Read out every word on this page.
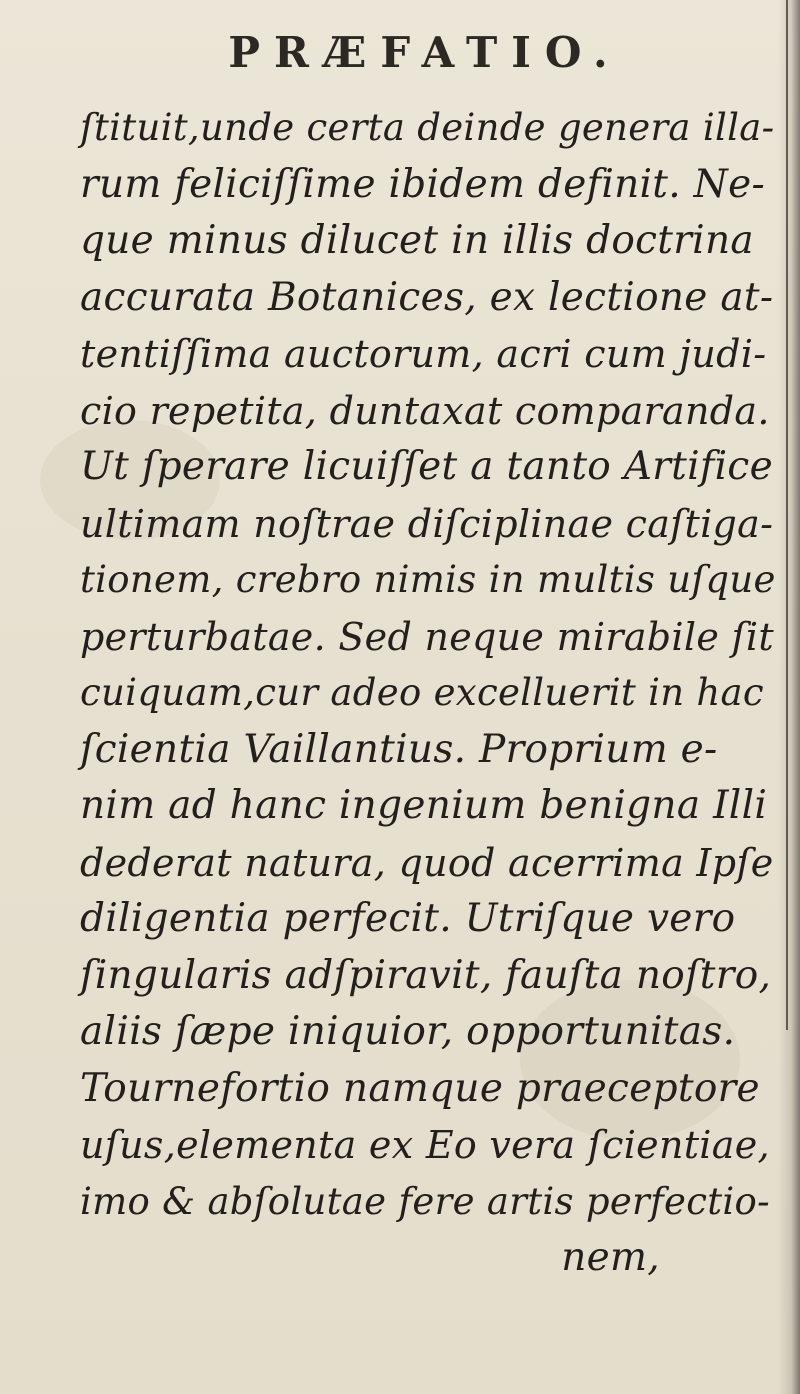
PRÆFATIO.
ſtituit,unde certa deinde genera illa-
rum feliciſſime ibidem definit. Ne-
que minus dilucet in illis doctrina
accurata Botanices, ex lectione at-
tentiſſima auctorum, acri cum judi-
cio repetita, duntaxat comparanda.
Ut ſperare licuiſſet a tanto Artifice
ultimam noſtrae diſciplinae caſtiga-
tionem, crebro nimis in multis uſque
perturbatae. Sed neque mirabile ſit
cuiquam,cur adeo excelluerit in hac
ſcientia Vaillantius. Proprium e-
nim ad hanc ingenium benigna Illi
dederat natura, quod acerrima Ipſe
diligentia perfecit. Utriſque vero
ſingularis adſpiravit, fauſta noſtro,
aliis ſæpe iniquior, opportunitas.
Tournefortio namque praeceptore
uſus,elementa ex Eo vera ſcientiae,
imo & abſolutae fere artis perfectio-
nem,
